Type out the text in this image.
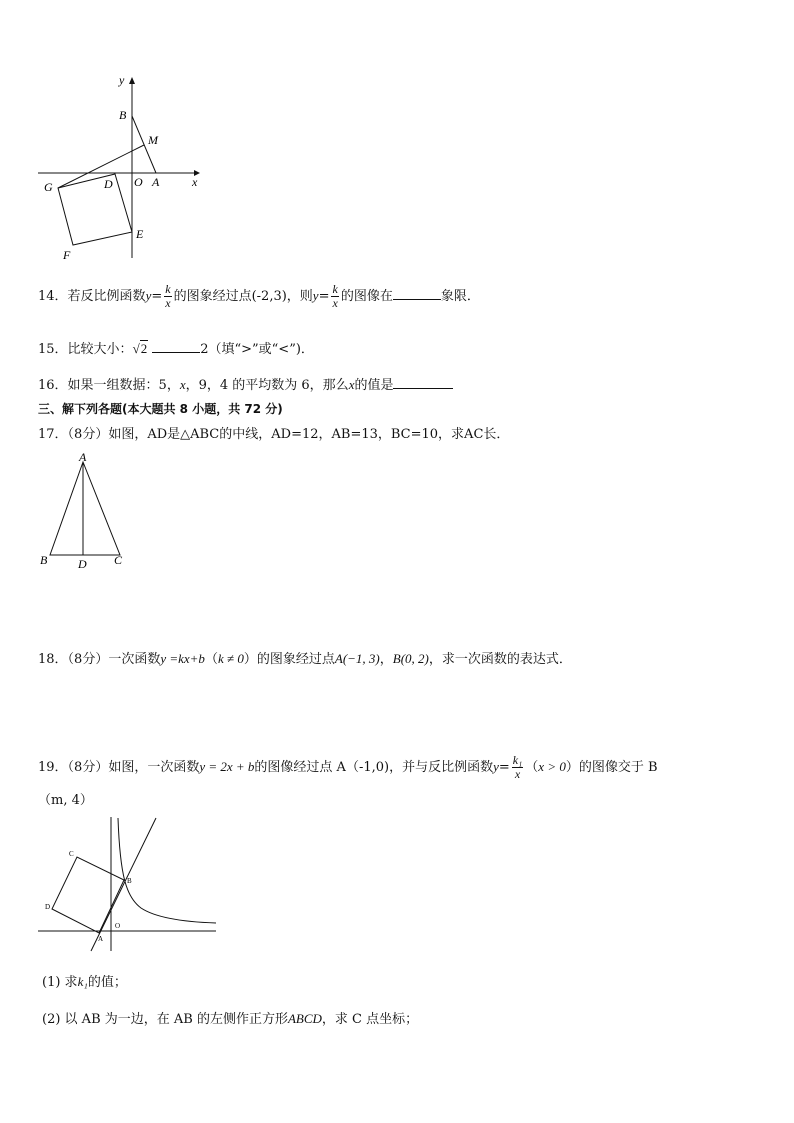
y
x
B
M
O A
G	D
E
F
14．若反比例函数$y= \frac{k}{x}$ 的图象经过点(-2,3)，则$y= \frac{k}{x}$ 的图像在	象限．
15．比较大小：√2	2（填“>”或“<”)．
16．如果一组数据：5，x，9，4 的平均数为 6，那么x的值是
三、解下列各题(本大题共 8 小题，共 72 分)
17．（8分）如图，AD是△ABC的中线，AD=12，AB=13，BC=10，求AC长．
A
B	D C
18．（8分）一次函数y =kx+b（k ≠ 0）的图象经过点A(−1, 3)，B(0, 2)，求一次函数的表达式．
19．（8分）如图，一次函数y = 2x + b的图像经过点 A（-1,0)，并与反比例函数$y= \frac{\text{k₁}}{x} (x > 0)$的图像交于 B
（m, 4）
C
B
D
O
A
(1) 求k₁的值；
(2) 以 AB 为一边，在 AB 的左侧作正方形ABCD，求 C 点坐标；
